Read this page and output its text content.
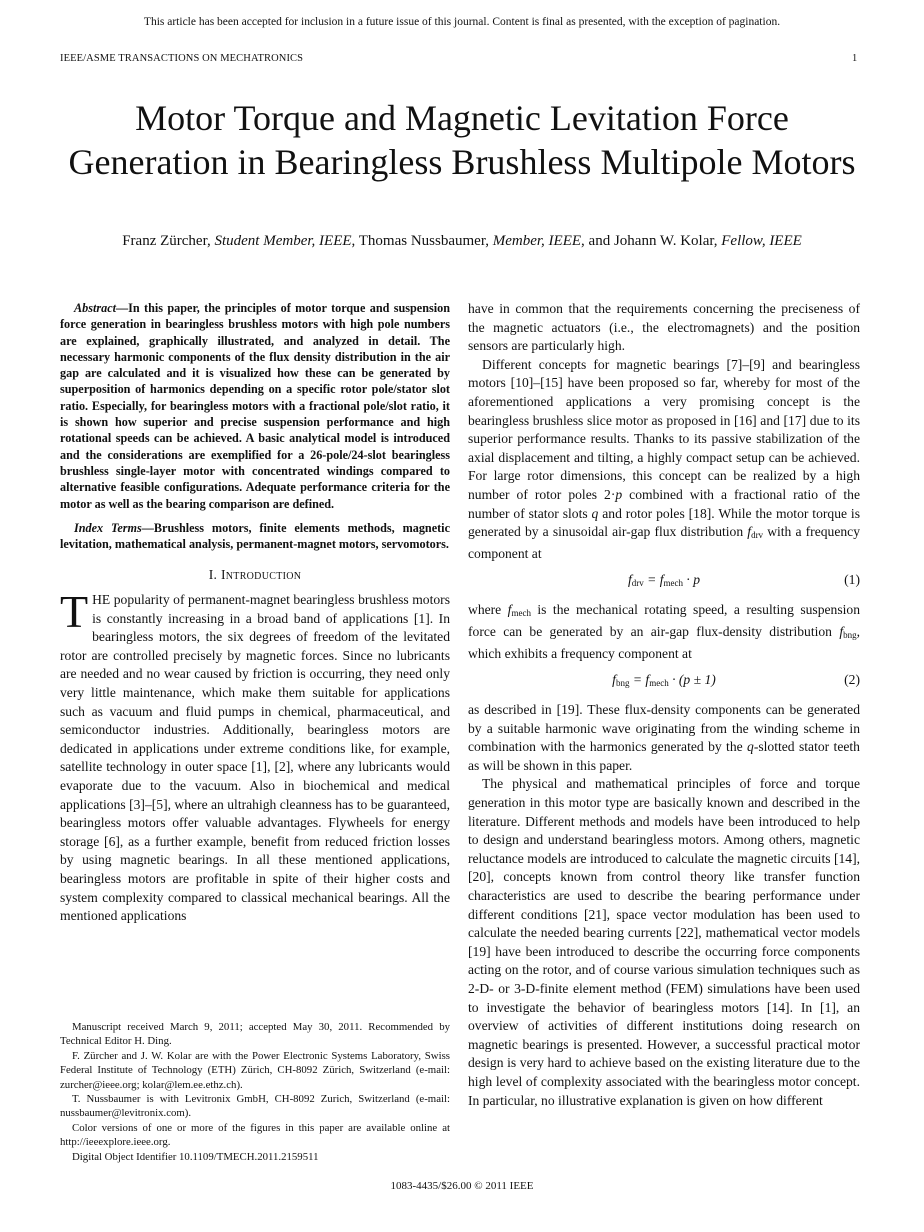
This article has been accepted for inclusion in a future issue of this journal. Content is final as presented, with the exception of pagination.
IEEE/ASME TRANSACTIONS ON MECHATRONICS	1
Motor Torque and Magnetic Levitation Force Generation in Bearingless Brushless Multipole Motors
Franz Zürcher, Student Member, IEEE, Thomas Nussbaumer, Member, IEEE, and Johann W. Kolar, Fellow, IEEE

Abstract—In this paper, the principles of motor torque and suspension force generation in bearingless brushless motors with high pole numbers are explained, graphically illustrated, and analyzed in detail. The necessary harmonic components of the flux density distribution in the air gap are calculated and it is visualized how these can be generated by superposition of harmonics depending on a specific rotor pole/stator slot ratio. Especially, for bearingless motors with a fractional pole/slot ratio, it is shown how superior and precise suspension performance and high rotational speeds can be achieved. A basic analytical model is introduced and the considerations are exemplified for a 26-pole/24-slot bearingless brushless single-layer motor with concentrated windings compared to alternative feasible configurations. Adequate performance criteria for the motor as well as the bearing comparison are defined.

Index Terms—Brushless motors, finite elements methods, magnetic levitation, mathematical analysis, permanent-magnet motors, servomotors.

I. Introduction

THE popularity of permanent-magnet bearingless brushless motors is constantly increasing in a broad band of applications [1]. In bearingless motors, the six degrees of freedom of the levitated rotor are controlled precisely by magnetic forces. Since no lubricants are needed and no wear caused by friction is occurring, they need only very little maintenance, which make them suitable for applications such as vacuum and fluid pumps in chemical, pharmaceutical, and semiconductor industries. Additionally, bearingless motors are dedicated in applications under extreme conditions like, for example, satellite technology in outer space [1], [2], where any lubricants would evaporate due to the vacuum. Also in biochemical and medical applications [3]–[5], where an ultrahigh cleanness has to be guaranteed, bearingless motors offer valuable advantages. Flywheels for energy storage [6], as a further example, benefit from reduced friction losses by using magnetic bearings. In all these mentioned applications, bearingless motors are profitable in spite of their higher costs and system complexity compared to classical mechanical bearings. All the mentioned applications

have in common that the requirements concerning the preciseness of the magnetic actuators (i.e., the electromagnets) and the position sensors are particularly high.

Different concepts for magnetic bearings [7]–[9] and bearingless motors [10]–[15] have been proposed so far, whereby for most of the aforementioned applications a very promising concept is the bearingless brushless slice motor as proposed in [16] and [17] due to its superior performance results. Thanks to its passive stabilization of the axial displacement and tilting, a highly compact setup can be achieved. For large rotor dimensions, this concept can be realized by a high number of rotor poles 2·p combined with a fractional ratio of the number of stator slots q and rotor poles [18]. While the motor torque is generated by a sinusoidal air-gap flux distribution $f_{drv}$ with a frequency component at

$f_{drv} = f_{mech} \cdot p$	(1)

where $f_{mech}$ is the mechanical rotating speed, a resulting suspension force can be generated by an air-gap flux-density distribution $f_{bng}$, which exhibits a frequency component at

$f_{bng} = f_{mech} \cdot (p \pm 1)$	(2)

as described in [19]. These flux-density components can be generated by a suitable harmonic wave originating from the winding scheme in combination with the harmonics generated by the q-slotted stator teeth as will be shown in this paper.

The physical and mathematical principles of force and torque generation in this motor type are basically known and described in the literature. Different methods and models have been introduced to help to design and understand bearingless motors. Among others, magnetic reluctance models are introduced to calculate the magnetic circuits [14], [20], concepts known from control theory like transfer function characteristics are used to describe the bearing performance under different conditions [21], space vector modulation has been used to calculate the needed bearing currents [22], mathematical vector models [19] have been introduced to describe the occurring force components acting on the rotor, and of course various simulation techniques such as 2-D- or 3-D-finite element method (FEM) simulations have been used to investigate the behavior of bearingless motors [14]. In [1], an overview of activities of different institutions doing research on magnetic bearings is presented. However, a successful practical motor design is very hard to achieve based on the existing literature due to the high level of complexity associated with the bearingless motor concept. In particular, no illustrative explanation is given on how different

Manuscript received March 9, 2011; accepted May 30, 2011. Recommended by Technical Editor H. Ding.

F. Zürcher and J. W. Kolar are with the Power Electronic Systems Laboratory, Swiss Federal Institute of Technology (ETH) Zürich, CH-8092 Zürich, Switzerland (e-mail: zurcher@ieee.org; kolar@lem.ee.ethz.ch).

T. Nussbaumer is with Levitronix GmbH, CH-8092 Zurich, Switzerland (e-mail: nussbaumer@levitronix.com).

Color versions of one or more of the figures in this paper are available online at http://ieeexplore.ieee.org.

Digital Object Identifier 10.1109/TMECH.2011.2159511

1083-4435/$26.00 © 2011 IEEE
